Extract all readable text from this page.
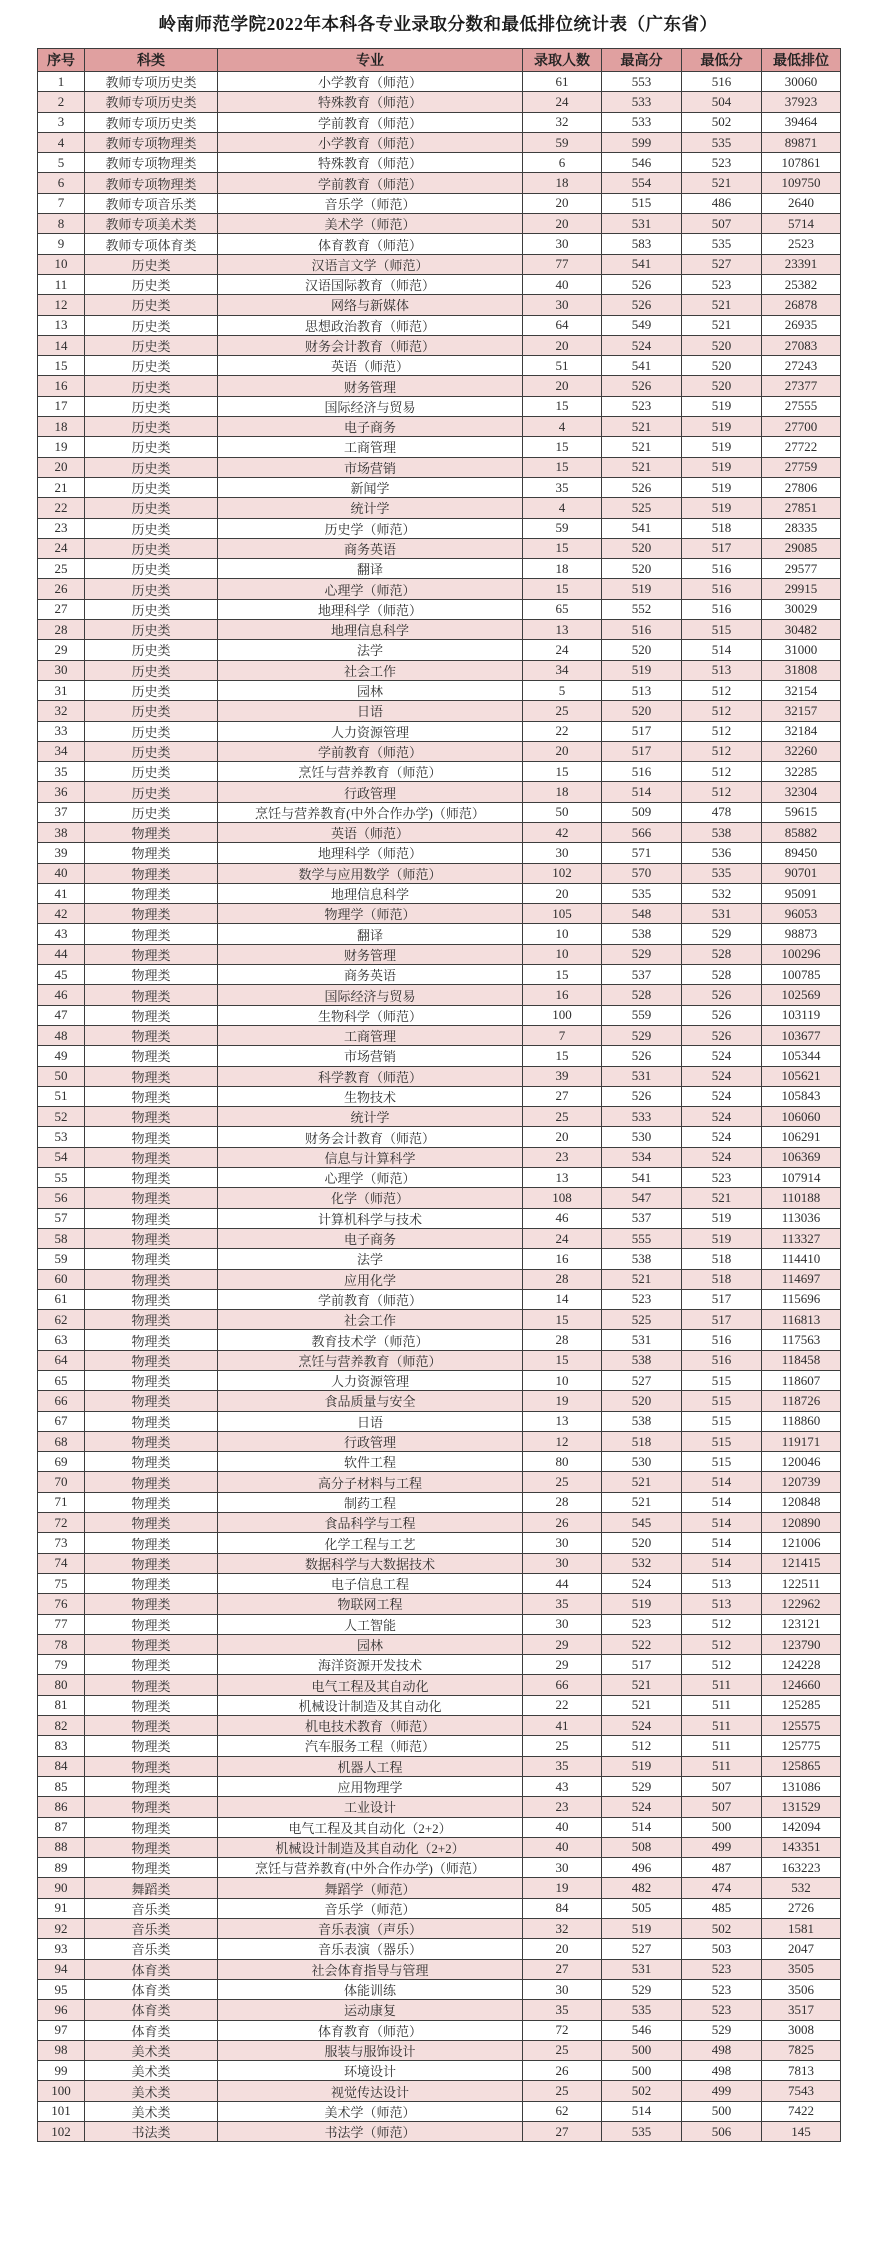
岭南师范学院2022年本科各专业录取分数和最低排位统计表（广东省）
序号	科类	专业	录取人数	最高分	最低分	最低排位
1	教师专项历史类	小学教育（师范）	61	553	516	30060
2	教师专项历史类	特殊教育（师范）	24	533	504	37923
3	教师专项历史类	学前教育（师范）	32	533	502	39464
4	教师专项物理类	小学教育（师范）	59	599	535	89871
5	教师专项物理类	特殊教育（师范）	6	546	523	107861
6	教师专项物理类	学前教育（师范）	18	554	521	109750
7	教师专项音乐类	音乐学（师范）	20	515	486	2640
8	教师专项美术类	美术学（师范）	20	531	507	5714
9	教师专项体育类	体育教育（师范）	30	583	535	2523
10	历史类	汉语言文学（师范）	77	541	527	23391
11	历史类	汉语国际教育（师范）	40	526	523	25382
12	历史类	网络与新媒体	30	526	521	26878
13	历史类	思想政治教育（师范）	64	549	521	26935
14	历史类	财务会计教育（师范）	20	524	520	27083
15	历史类	英语（师范）	51	541	520	27243
16	历史类	财务管理	20	526	520	27377
17	历史类	国际经济与贸易	15	523	519	27555
18	历史类	电子商务	4	521	519	27700
19	历史类	工商管理	15	521	519	27722
20	历史类	市场营销	15	521	519	27759
21	历史类	新闻学	35	526	519	27806
22	历史类	统计学	4	525	519	27851
23	历史类	历史学（师范）	59	541	518	28335
24	历史类	商务英语	15	520	517	29085
25	历史类	翻译	18	520	516	29577
26	历史类	心理学（师范）	15	519	516	29915
27	历史类	地理科学（师范）	65	552	516	30029
28	历史类	地理信息科学	13	516	515	30482
29	历史类	法学	24	520	514	31000
30	历史类	社会工作	34	519	513	31808
31	历史类	园林	5	513	512	32154
32	历史类	日语	25	520	512	32157
33	历史类	人力资源管理	22	517	512	32184
34	历史类	学前教育（师范）	20	517	512	32260
35	历史类	烹饪与营养教育（师范）	15	516	512	32285
36	历史类	行政管理	18	514	512	32304
37	历史类	烹饪与营养教育(中外合作办学)（师范）	50	509	478	59615
38	物理类	英语（师范）	42	566	538	85882
39	物理类	地理科学（师范）	30	571	536	89450
40	物理类	数学与应用数学（师范）	102	570	535	90701
41	物理类	地理信息科学	20	535	532	95091
42	物理类	物理学（师范）	105	548	531	96053
43	物理类	翻译	10	538	529	98873
44	物理类	财务管理	10	529	528	100296
45	物理类	商务英语	15	537	528	100785
46	物理类	国际经济与贸易	16	528	526	102569
47	物理类	生物科学（师范）	100	559	526	103119
48	物理类	工商管理	7	529	526	103677
49	物理类	市场营销	15	526	524	105344
50	物理类	科学教育（师范）	39	531	524	105621
51	物理类	生物技术	27	526	524	105843
52	物理类	统计学	25	533	524	106060
53	物理类	财务会计教育（师范）	20	530	524	106291
54	物理类	信息与计算科学	23	534	524	106369
55	物理类	心理学（师范）	13	541	523	107914
56	物理类	化学（师范）	108	547	521	110188
57	物理类	计算机科学与技术	46	537	519	113036
58	物理类	电子商务	24	555	519	113327
59	物理类	法学	16	538	518	114410
60	物理类	应用化学	28	521	518	114697
61	物理类	学前教育（师范）	14	523	517	115696
62	物理类	社会工作	15	525	517	116813
63	物理类	教育技术学（师范）	28	531	516	117563
64	物理类	烹饪与营养教育（师范）	15	538	516	118458
65	物理类	人力资源管理	10	527	515	118607
66	物理类	食品质量与安全	19	520	515	118726
67	物理类	日语	13	538	515	118860
68	物理类	行政管理	12	518	515	119171
69	物理类	软件工程	80	530	515	120046
70	物理类	高分子材料与工程	25	521	514	120739
71	物理类	制药工程	28	521	514	120848
72	物理类	食品科学与工程	26	545	514	120890
73	物理类	化学工程与工艺	30	520	514	121006
74	物理类	数据科学与大数据技术	30	532	514	121415
75	物理类	电子信息工程	44	524	513	122511
76	物理类	物联网工程	35	519	513	122962
77	物理类	人工智能	30	523	512	123121
78	物理类	园林	29	522	512	123790
79	物理类	海洋资源开发技术	29	517	512	124228
80	物理类	电气工程及其自动化	66	521	511	124660
81	物理类	机械设计制造及其自动化	22	521	511	125285
82	物理类	机电技术教育（师范）	41	524	511	125575
83	物理类	汽车服务工程（师范）	25	512	511	125775
84	物理类	机器人工程	35	519	511	125865
85	物理类	应用物理学	43	529	507	131086
86	物理类	工业设计	23	524	507	131529
87	物理类	电气工程及其自动化（2+2）	40	514	500	142094
88	物理类	机械设计制造及其自动化（2+2）	40	508	499	143351
89	物理类	烹饪与营养教育(中外合作办学)（师范）	30	496	487	163223
90	舞蹈类	舞蹈学（师范）	19	482	474	532
91	音乐类	音乐学（师范）	84	505	485	2726
92	音乐类	音乐表演（声乐）	32	519	502	1581
93	音乐类	音乐表演（器乐）	20	527	503	2047
94	体育类	社会体育指导与管理	27	531	523	3505
95	体育类	体能训练	30	529	523	3506
96	体育类	运动康复	35	535	523	3517
97	体育类	体育教育（师范）	72	546	529	3008
98	美术类	服装与服饰设计	25	500	498	7825
99	美术类	环境设计	26	500	498	7813
100	美术类	视觉传达设计	25	502	499	7543
101	美术类	美术学（师范）	62	514	500	7422
102	书法类	书法学（师范）	27	535	506	145
